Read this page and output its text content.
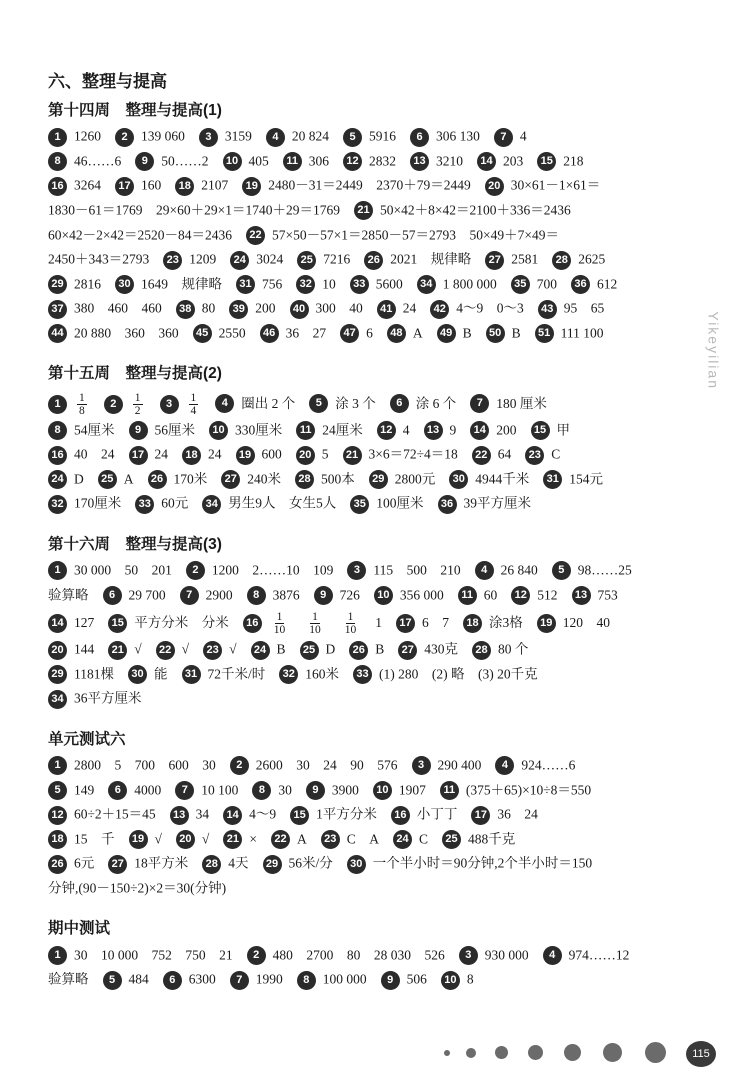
六、整理与提高
第十四周　整理与提高(1)
1 1260 2 139 060 3 3159 4 20 824 5 5916 6 306 130 7 4
8 46……6 9 50……2 10 405 11 306 12 2832 13 3210 14 203 15 218
16 3264 17 160 18 2107 19 2480－31＝2449　2370＋79＝2449 20 30×61－1×61＝
1830－61＝1769　29×60＋29×1＝1740＋29＝1769 21 50×42＋8×42＝2100＋336＝2436
60×42－2×42＝2520－84＝2436 22 57×50－57×1＝2850－57＝2793　50×49＋7×49＝
2450＋343＝2793 23 1209 24 3024 25 7216 26 2021　规律略 27 2581 28 2625
29 2816 30 1649　规律略 31 756 32 10 33 5600 34 1 800 000 35 700 36 612
37 380　460　460 38 80 39 200 40 300　40 41 24 42 4～9　0～3 43 95　65
44 20 880　360　360 45 2550 46 36　27 47 6 48 A 49 B 50 B 51 111 100
第十五周　整理与提高(2)
$1 \frac{1}{8} 2 \frac{1}{2} 3 \frac{1}{4} 4$ 圈出 2 个 5 涂 3 个 6 涂 6 个 7 180 厘米
8 54厘米 9 56厘米 10 330厘米 11 24厘米 12 4 13 9 14 200 15 甲
16 40　24 17 24 18 24 19 600 20 5 21 3×6＝72÷4＝18 22 64 23 C
24 D 25 A 26 170米 27 240米 28 500本 29 2800元 30 4944千米 31 154元
32 170厘米 33 60元 34 男生9人　女生5人 35 100厘米 36 39平方厘米
第十六周　整理与提高(3)
1 30 000　50　201 2 1200　2……10　109 3 115　500　210 4 26 840 5 98……25
验算略 6 29 700 7 2900 8 3876 9 726 10 356 000 11 60 12 512 13 753
14 127 15 平方分米　分米 $16 \frac{1}{10} \frac{1}{10} \frac{1}{10} 1$ 17 6　7 18 涂3格 19 120　40
20 144 21 √ 22 √ 23 √ 24 B 25 D 26 B 27 430克 28 80 个
29 1181棵 30 能 31 72千米/时 32 160米 33 (1) 280　(2) 略　(3) 20千克
34 36平方厘米
单元测试六
1 2800　5　700　600　30 2 2600　30　24　90　576 3 290 400 4 924……6
5 149 6 4000 7 10 100 8 30 9 3900 10 1907 11 (375＋65)×10÷8＝550
12 60÷2＋15＝45 13 34 14 4～9 15 1平方分米 16 小丁丁 17 36　24
18 15　千 19 √ 20 √ 21 × 22 A 23 C　A 24 C 25 488千克
26 6元 27 18平方米 28 4天 29 56米/分 30 一个半小时＝90分钟,2个半小时＝150
分钟,(90－150÷2)×2＝30(分钟)
期中测试
1 30　10 000　752　750　21 2 480　2700　80　28 030　526 3 930 000 4 974……12
验算略 5 484 6 6300 7 1990 8 100 000 9 506 10 8
Yikeyilian
115
